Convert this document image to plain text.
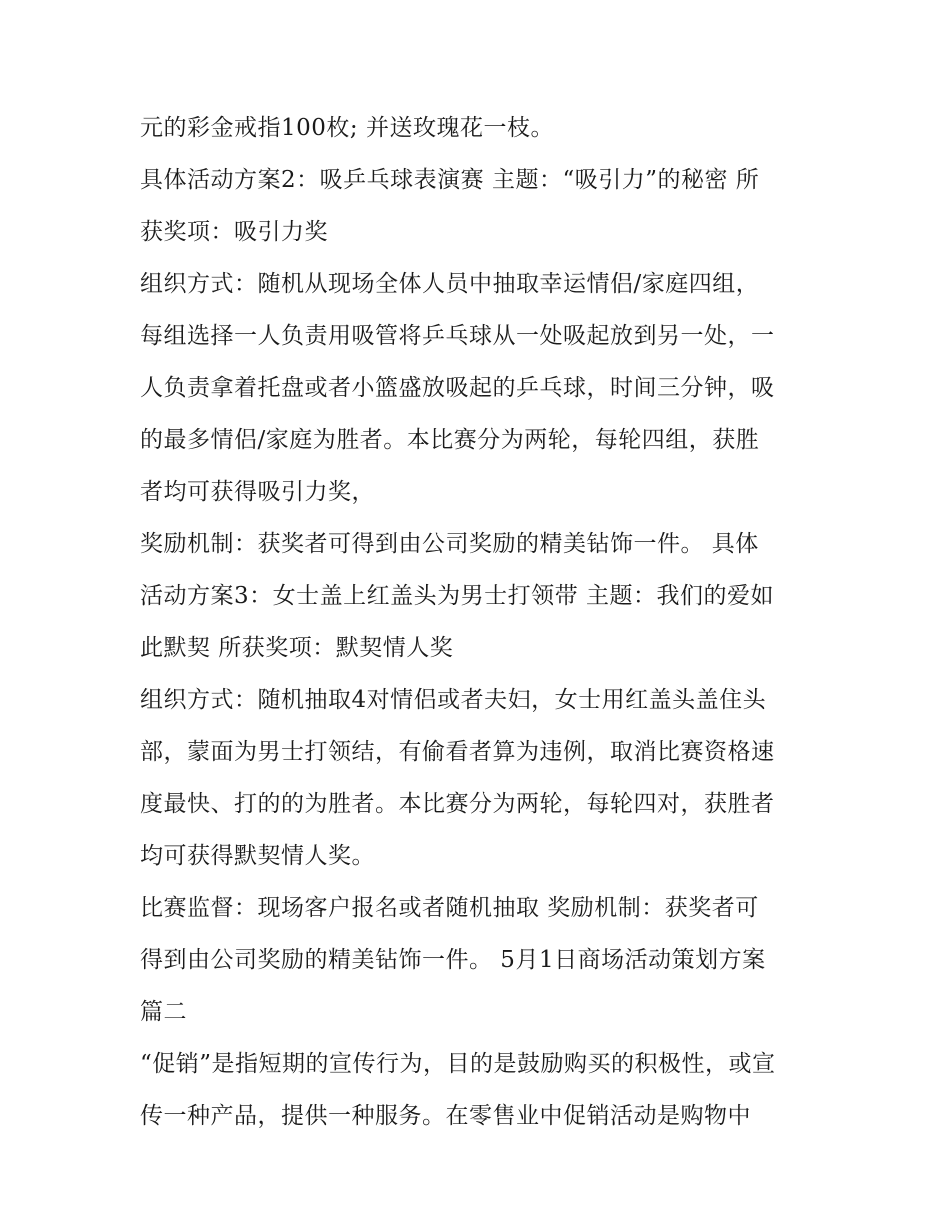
元的彩金戒指100枚; 并送玫瑰花一枝。
具体活动方案2：吸乒乓球表演赛 主题：“吸引力”的秘密 所
获奖项：吸引力奖
组织方式：随机从现场全体人员中抽取幸运情侣/家庭四组，
每组选择一人负责用吸管将乒乓球从一处吸起放到另一处，一
人负责拿着托盘或者小篮盛放吸起的乒乓球，时间三分钟，吸
的最多情侣/家庭为胜者。本比赛分为两轮，每轮四组，获胜
者均可获得吸引力奖，
奖励机制：获奖者可得到由公司奖励的精美钻饰一件。 具体
活动方案3：女士盖上红盖头为男士打领带 主题：我们的爱如
此默契 所获奖项：默契情人奖
组织方式：随机抽取4对情侣或者夫妇，女士用红盖头盖住头
部，蒙面为男士打领结，有偷看者算为违例，取消比赛资格速
度最快、打的的为胜者。本比赛分为两轮，每轮四对，获胜者
均可获得默契情人奖。
比赛监督：现场客户报名或者随机抽取 奖励机制：获奖者可
得到由公司奖励的精美钻饰一件。 5月1日商场活动策划方案
篇二
“促销”是指短期的宣传行为，目的是鼓励购买的积极性，或宣
传一种产品，提供一种服务。在零售业中促销活动是购物中
